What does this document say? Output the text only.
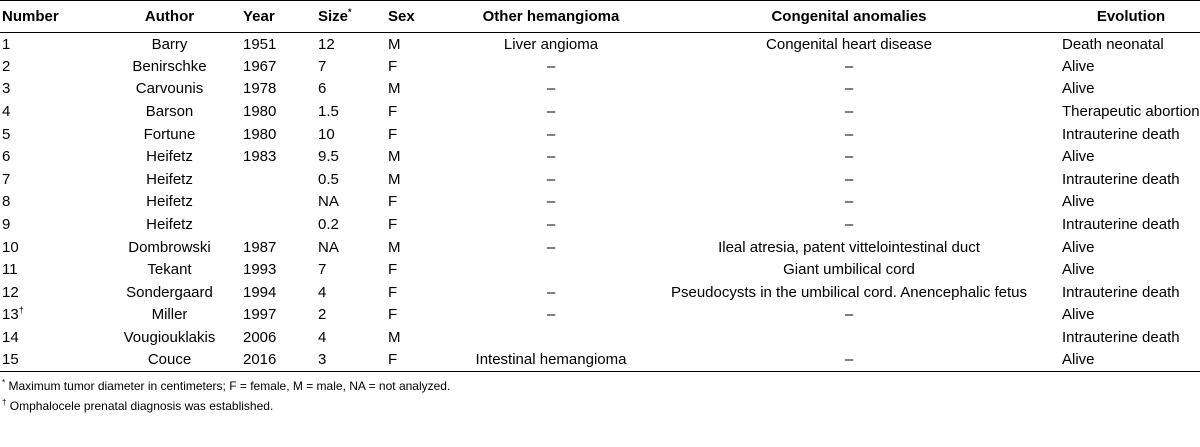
Number	Author	Year	Size*	Sex	Other hemangioma	Congenital anomalies	Evolution
1	Barry	1951	12	M	Liver angioma	Congenital heart disease	Death neonatal
2	Benirschke	1967	7	F	–	–	Alive
3	Carvounis	1978	6	M	–	–	Alive
4	Barson	1980	1.5	F	–	–	Therapeutic abortion
5	Fortune	1980	10	F	–	–	Intrauterine death
6	Heifetz	1983	9.5	M	–	–	Alive
7	Heifetz		0.5	M	–	–	Intrauterine death
8	Heifetz		NA	F	–	–	Alive
9	Heifetz		0.2	F	–	–	Intrauterine death
10	Dombrowski	1987	NA	M	–	Ileal atresia, patent vittelointestinal duct	Alive
11	Tekant	1993	7	F		Giant umbilical cord	Alive
12	Sondergaard	1994	4	F	–	Pseudocysts in the umbilical cord. Anencephalic fetus	Intrauterine death
13†	Miller	1997	2	F	–	–	Alive
14	Vougiouklakis	2006	4	M			Intrauterine death
15	Couce	2016	3	F	Intestinal hemangioma	–	Alive
* Maximum tumor diameter in centimeters; F = female, M = male, NA = not analyzed.
† Omphalocele prenatal diagnosis was established.
